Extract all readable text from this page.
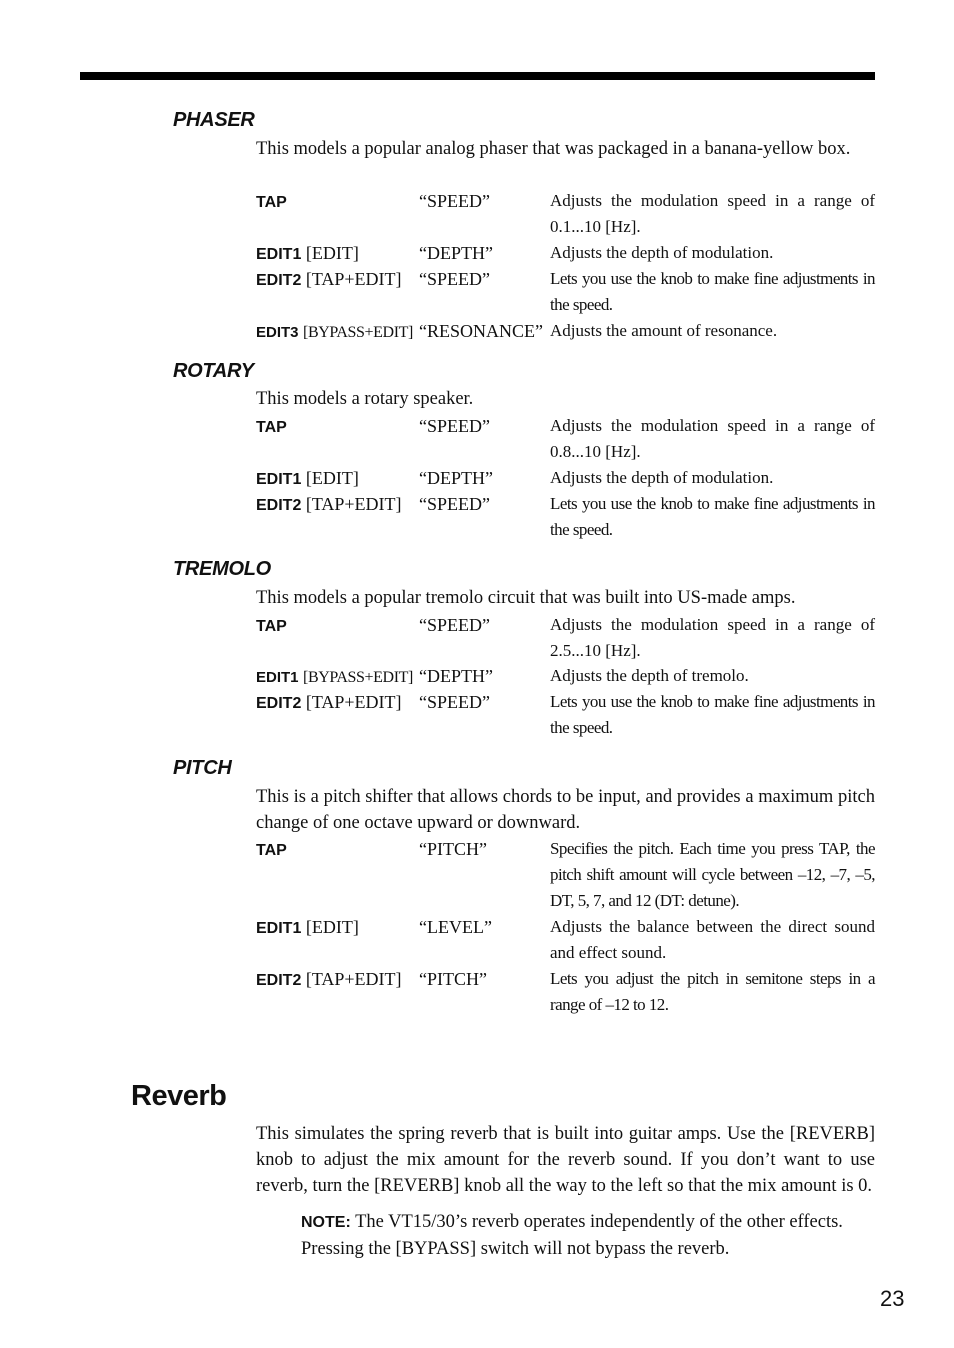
PHASER
This models a popular analog phaser that was packaged in a banana-yellow box.
TAP	“SPEED”	Adjusts the modulation speed in a range of 0.1...10 [Hz].
EDIT1 [EDIT]	“DEPTH”	Adjusts the depth of modulation.
EDIT2 [TAP+EDIT] “SPEED”	Lets you use the knob to make fine adjustments in the speed.
EDIT3 [BYPASS+EDIT] “RESONANCE” Adjusts the amount of resonance.
ROTARY
This models a rotary speaker.
TAP	“SPEED”	Adjusts the modulation speed in a range of 0.8...10 [Hz].
EDIT1 [EDIT]	“DEPTH”	Adjusts the depth of modulation.
EDIT2 [TAP+EDIT] “SPEED”	Lets you use the knob to make fine adjustments in the speed.
TREMOLO
This models a popular tremolo circuit that was built into US-made amps.
TAP	“SPEED”	Adjusts the modulation speed in a range of 2.5...10 [Hz].
EDIT1 [BYPASS+EDIT] “DEPTH”	Adjusts the depth of tremolo.
EDIT2 [TAP+EDIT] “SPEED”	Lets you use the knob to make fine adjustments in the speed.
PITCH
This is a pitch shifter that allows chords to be input, and provides a maximum pitch change of one octave upward or downward.
TAP	“PITCH”	Specifies the pitch. Each time you press TAP, the pitch shift amount will cycle between –12, –7, –5, DT, 5, 7, and 12 (DT: detune).
EDIT1 [EDIT]	“LEVEL”	Adjusts the balance between the direct sound and effect sound.
EDIT2 [TAP+EDIT] “PITCH”	Lets you adjust the pitch in semitone steps in a range of –12 to 12.
Reverb
This simulates the spring reverb that is built into guitar amps. Use the [REVERB] knob to adjust the mix amount for the reverb sound. If you don’t want to use reverb, turn the [REVERB] knob all the way to the left so that the mix amount is 0.
NOTE: The VT15/30’s reverb operates independently of the other effects. Pressing the [BYPASS] switch will not bypass the reverb.
23
